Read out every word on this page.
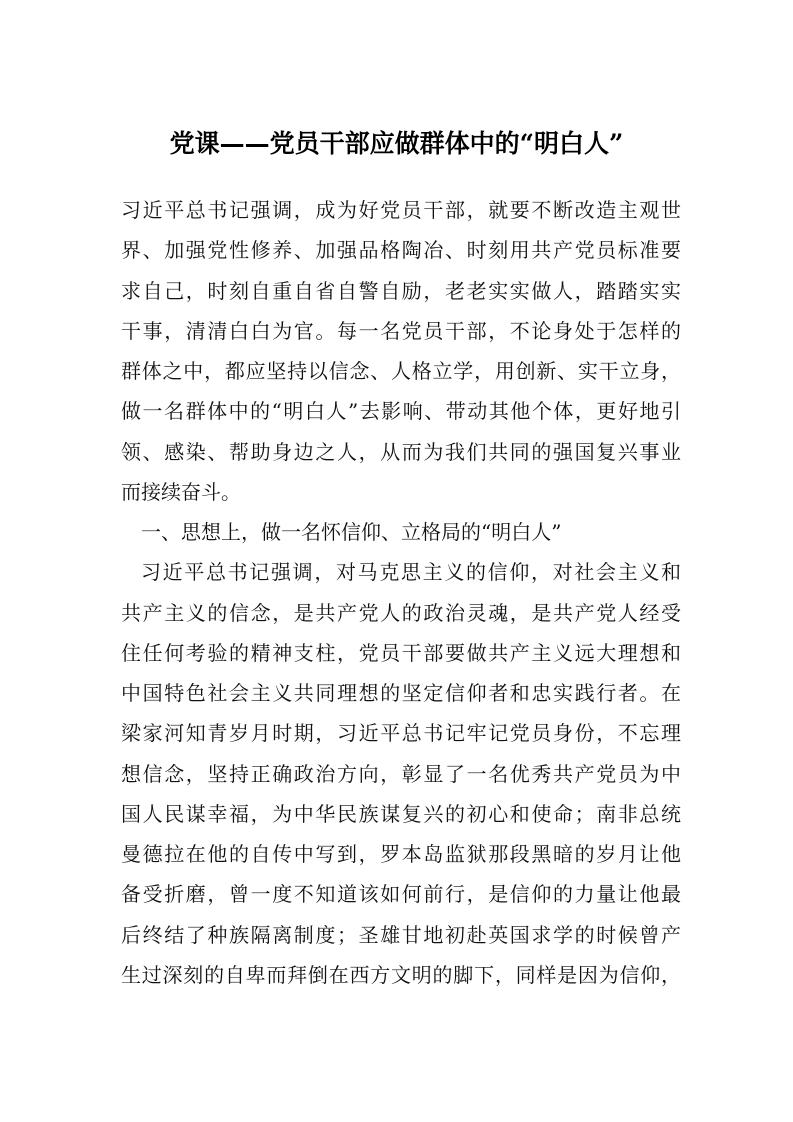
党课——党员干部应做群体中的“明白人”
习近平总书记强调，成为好党员干部，就要不断改造主观世
界、加强党性修养、加强品格陶冶、时刻用共产党员标准要
求自己，时刻自重自省自警自励，老老实实做人，踏踏实实
干事，清清白白为官。每一名党员干部，不论身处于怎样的
群体之中，都应坚持以信念、人格立学，用创新、实干立身，
做一名群体中的“明白人”去影响、带动其他个体，更好地引
领、感染、帮助身边之人，从而为我们共同的强国复兴事业
而接续奋斗。
一、思想上，做一名怀信仰、立格局的“明白人”
习近平总书记强调，对马克思主义的信仰，对社会主义和
共产主义的信念，是共产党人的政治灵魂，是共产党人经受
住任何考验的精神支柱，党员干部要做共产主义远大理想和
中国特色社会主义共同理想的坚定信仰者和忠实践行者。在
梁家河知青岁月时期，习近平总书记牢记党员身份，不忘理
想信念，坚持正确政治方向，彰显了一名优秀共产党员为中
国人民谋幸福，为中华民族谋复兴的初心和使命；南非总统
曼德拉在他的自传中写到，罗本岛监狱那段黑暗的岁月让他
备受折磨，曾一度不知道该如何前行，是信仰的力量让他最
后终结了种族隔离制度；圣雄甘地初赴英国求学的时候曾产
生过深刻的自卑而拜倒在西方文明的脚下，同样是因为信仰，
